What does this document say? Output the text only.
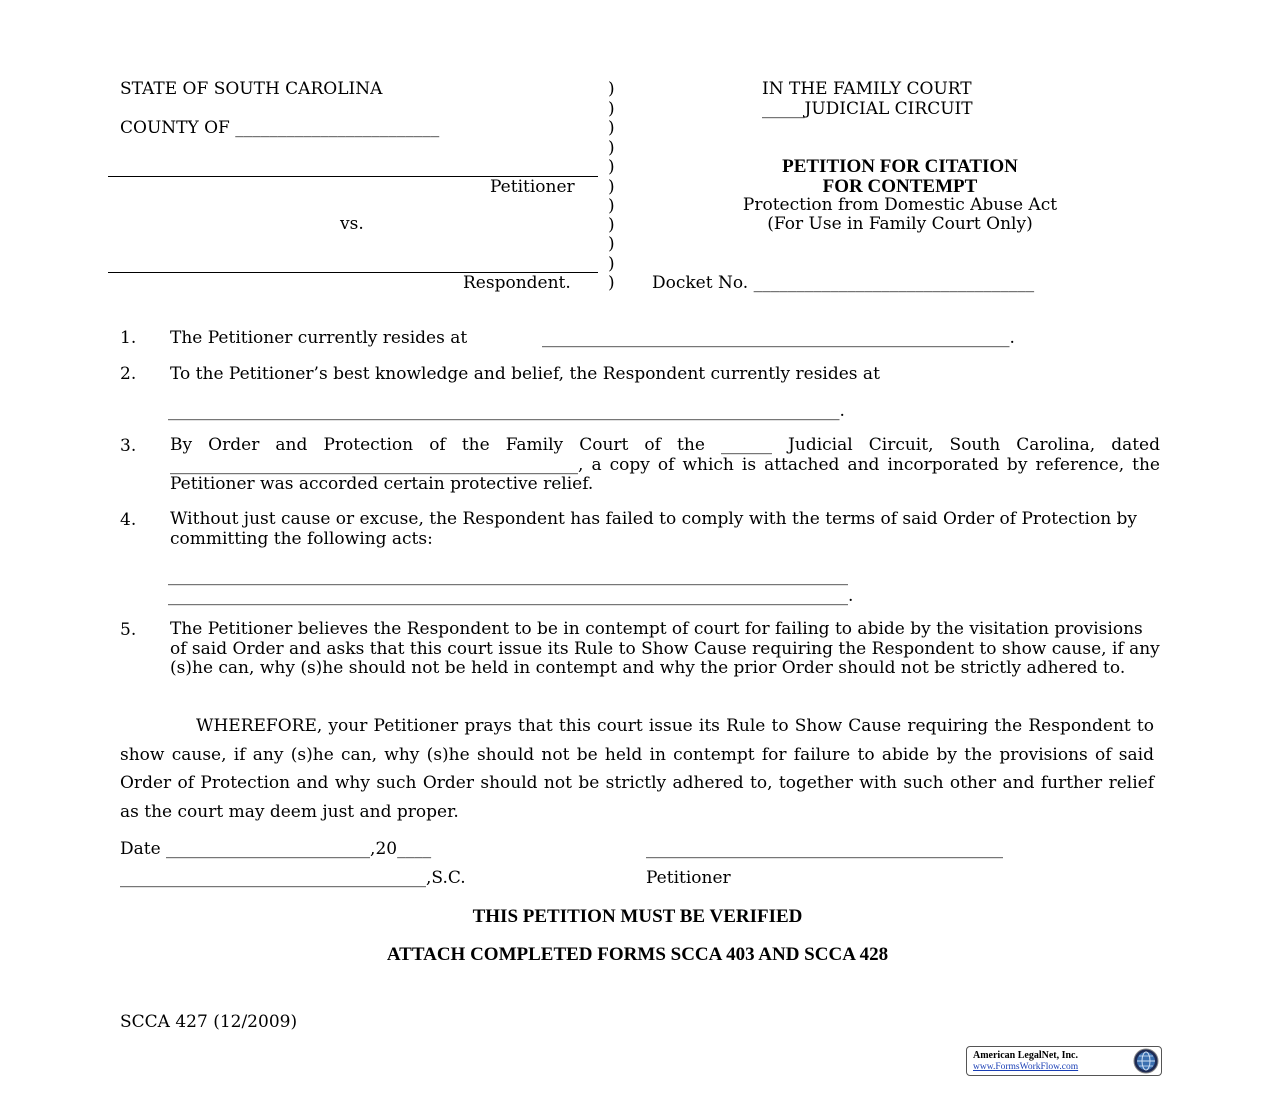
STATE OF SOUTH CAROLINA
COUNTY OF ________________________
Petitioner
vs.
Respondent.
)
)
)
)
)
)
)
)
)
)
)
IN THE FAMILY COURT
_____JUDICIAL CIRCUIT
PETITION FOR CITATION
FOR CONTEMPT
Protection from Domestic Abuse Act
(For Use in Family Court Only)
Docket No. _________________________________
1. The Petitioner currently resides at	_______________________________________________________.
2. To the Petitioner’s best knowledge and belief, the Respondent currently resides at
_______________________________________________________________________________.
3. By Order and Protection of the Family Court of the ______ Judicial Circuit, South Carolina, dated ________________________________________________, a copy of which is attached and incorporated by reference, the Petitioner was accorded certain protective relief.
4. Without just cause or excuse, the Respondent has failed to comply with the terms of said Order of Protection by committing the following acts:
________________________________________________________________________________
________________________________________________________________________________.
5. The Petitioner believes the Respondent to be in contempt of court for failing to abide by the visitation provisions of said Order and asks that this court issue its Rule to Show Cause requiring the Respondent to show cause, if any (s)he can, why (s)he should not be held in contempt and why the prior Order should not be strictly adhered to.
WHEREFORE, your Petitioner prays that this court issue its Rule to Show Cause requiring the Respondent to show cause, if any (s)he can, why (s)he should not be held in contempt for failure to abide by the provisions of said Order of Protection and why such Order should not be strictly adhered to, together with such other and further relief as the court may deem just and proper.
Date ________________________,20____	__________________________________________
____________________________________,S.C.	Petitioner
THIS PETITION MUST BE VERIFIED
ATTACH COMPLETED FORMS SCCA 403 AND SCCA 428
SCCA 427 (12/2009)
American LegalNet, Inc.
www.FormsWorkFlow.com
